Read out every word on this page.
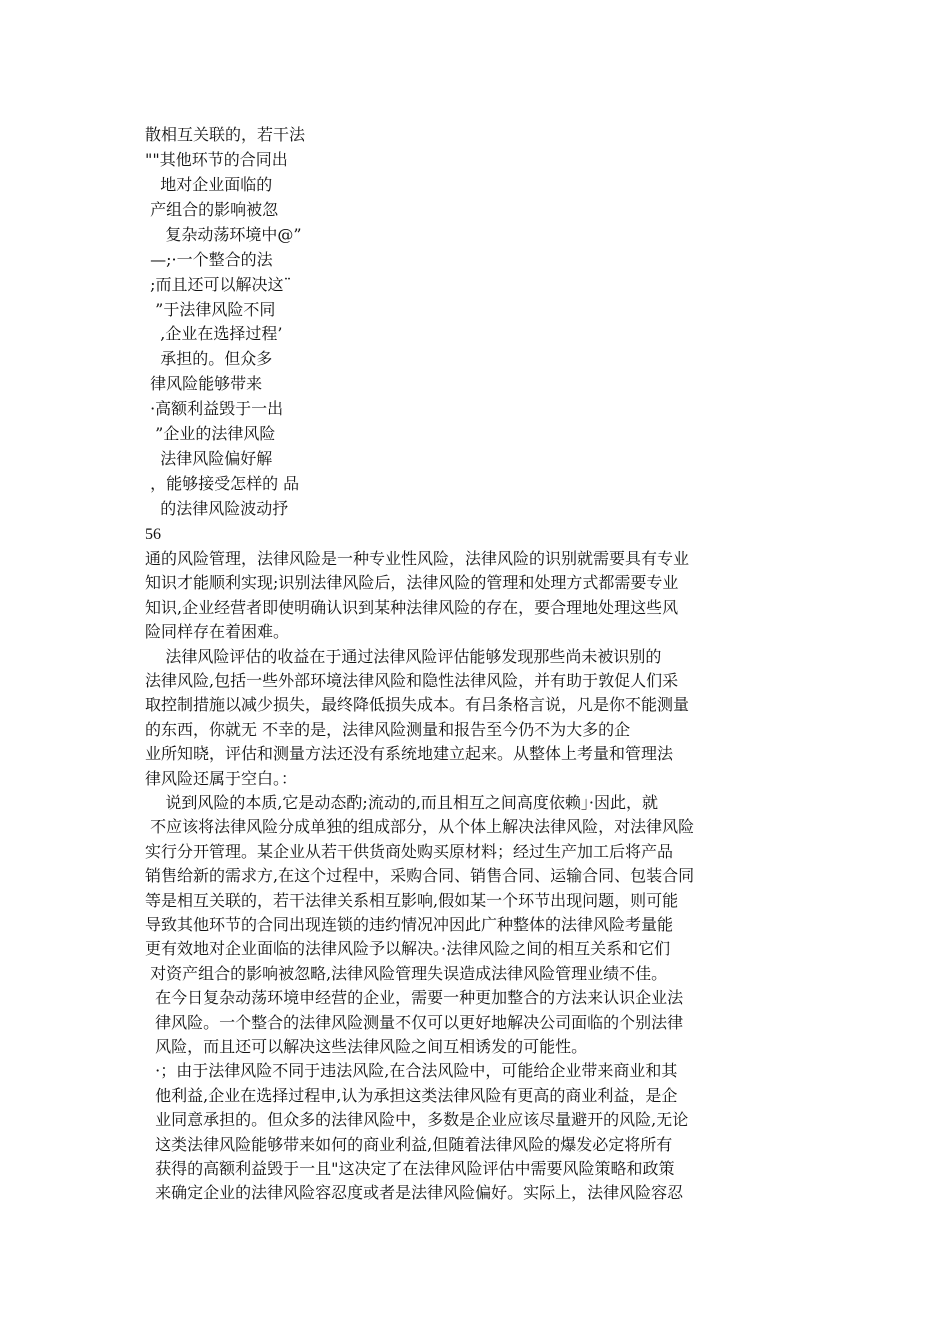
散相互关联的，若干法
""其他环节的合同出
地对企业面临的
产组合的影响被忽
复杂动荡环境中@”
—;·一个整合的法
;而且还可以解决这¨
”于法律风险不同
,企业在选择过程’
承担的。但众多
律风险能够带来
·高额利益毁于一出
”企业的法律风险
法律风险偏好解
，能够接受怎样的 品
的法律风险波动抒
56
通的风险管理，法律风险是一种专业性风险，法律风险的识别就需要具有专业
知识才能顺利实现;识别法律风险后，法律风险的管理和处理方式都需要专业
知识,企业经营者即使明确认识到某种法律风险的存在，要合理地处理这些风
险同样存在着困难。
法律风险评估的收益在于通过法律风险评估能够发现那些尚未被识别的
法律风险,包括一些外部环境法律风险和隐性法律风险，并有助于敦促人们采
取控制措施以减少损失，最终降低损失成本。有吕条格言说，凡是你不能测量
的东西，你就无 不幸的是，法律风险测量和报告至今仍不为大多的企
业所知晓，评估和测量方法还没有系统地建立起来。从整体上考量和管理法
律风险还属于空白。：
说到风险的本质,它是动态酌;流动的,而且相互之间高度依赖」·因此，就
不应该将法律风险分成单独的组成部分，从个体上解决法律风险，对法律风险
实行分开管理。某企业从若干供货商处购买原材料；经过生产加工后将产品
销售给新的需求方,在这个过程中，采购合同、销售合同、运输合同、包装合同
等是相互关联的，若干法律关系相互影响,假如某一个环节出现问题，则可能
导致其他环节的合同出现连锁的违约情况冲因此广种整体的法律风险考量能
更有效地对企业面临的法律风险予以解决。·法律风险之间的相互关系和它们
对资产组合的影响被忽略,法律风险管理失误造成法律风险管理业绩不佳。
在今日复杂动荡环境申经营的企业，需要一种更加整合的方法来认识企业法
律风险。一个整合的法律风险测量不仅可以更好地解决公司面临的个别法律
风险，而且还可以解决这些法律风险之间互相诱发的可能性。
·；由于法律风险不同于违法风险,在合法风险中，可能给企业带来商业和其
他利益,企业在选择过程申,认为承担这类法律风险有更高的商业利益，是企
业同意承担的。但众多的法律风险中，多数是企业应该尽量避开的风险,无论
这类法律风险能够带来如何的商业利益,但随着法律风险的爆发必定将所有
获得的高额利益毁于一且"这决定了在法律风险评估中需要风险策略和政策
来确定企业的法律风险容忍度或者是法律风险偏好。实际上，法律风险容忍
